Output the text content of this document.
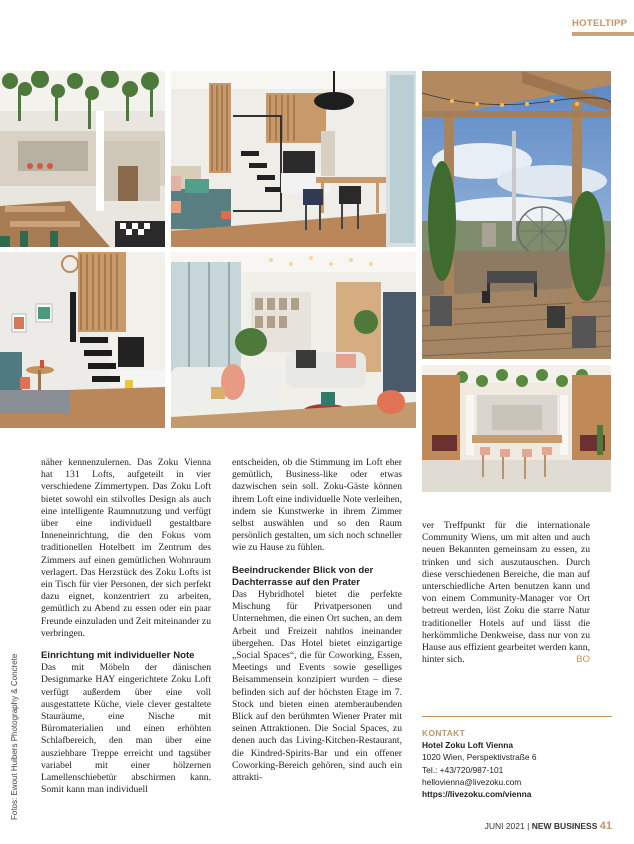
HOTELTIPP
Fotos: Ewout Huibers Photography & Concrete

näher kennenzulernen. Das Zoku Vienna hat 131 Lofts, aufgeteilt in vier verschiedene Zimmertypen. Das Zoku Loft bietet sowohl ein stilvolles Design als auch eine intelligente Raumnutzung und verfügt über eine individuell gestaltbare Inneneinrichtung, die den Fokus vom traditionellen Hotelbett im Zentrum des Zimmers auf einen gemütlichen Wohnraum verlagert. Das Herzstück des Zoku Lofts ist ein Tisch für vier Personen, der sich perfekt dazu eignet, konzentriert zu arbeiten, gemütlich zu Abend zu essen oder ein paar Freunde einzuladen und Zeit miteinander zu verbringen.

Einrichtung mit individueller Note

Das mit Möbeln der dänischen Designmarke HAY eingerichtete Zoku Loft verfügt außerdem über eine voll ausgestattete Küche, viele clever gestaltete Stauräume, eine Nische mit Büromaterialien und einen erhöhten Schlafbereich, den man über eine ausziehbare Treppe erreicht und tagsüber variabel mit einer hölzernen Lamellenschiebetür abschirmen kann. Somit kann man individuell

entscheiden, ob die Stimmung im Loft eher gemütlich, Business-like oder etwas dazwischen sein soll. Zoku-Gäste können ihrem Loft eine individuelle Note verleihen, indem sie Kunstwerke in ihrem Zimmer selbst auswählen und so den Raum persönlich gestalten, um sich noch schneller wie zu Hause zu fühlen.

Beeindruckender Blick von der Dachterrasse auf den Prater

Das Hybridhotel bietet die perfekte Mischung für Privatpersonen und Unternehmen, die einen Ort suchen, an dem Arbeit und Freizeit nahtlos ineinander übergehen. Das Hotel bietet einzigartige „Social Spaces“, die für Coworking, Essen, Meetings und Events sowie geselliges Beisammensein konzipiert wurden – diese befinden sich auf der höchsten Etage im 7. Stock und bieten einen atemberaubenden Blick auf den berühmten Wiener Prater mit seinen Attraktionen. Die Social Spaces, zu denen auch das Living-Kitchen-Restaurant, die Kindred-Spirits-Bar und ein offener Coworking-Bereich gehören, sind auch ein attrakti-

ver Treffpunkt für die internationale Community Wiens, um mit alten und auch neuen Bekannten gemeinsam zu essen, zu trinken und sich auszutauschen. Durch diese verschiedenen Bereiche, die man auf unterschiedliche Arten benutzen kann und von einem Community-Manager vor Ort betreut werden, löst Zoku die starre Natur traditioneller Hotels auf und lässt die herkömmliche Denkweise, dass nur von zu Hause aus effizient gearbeitet werden kann, hinter sich.	BO

KONTAKT
Hotel Zoku Loft Vienna
1020 Wien, Perspektivstraße 6
Tel.: +43/720/987-101
hellovienna@livezoku.com
https://livezoku.com/vienna
JUNI 2021 | NEW BUSINESS 41
